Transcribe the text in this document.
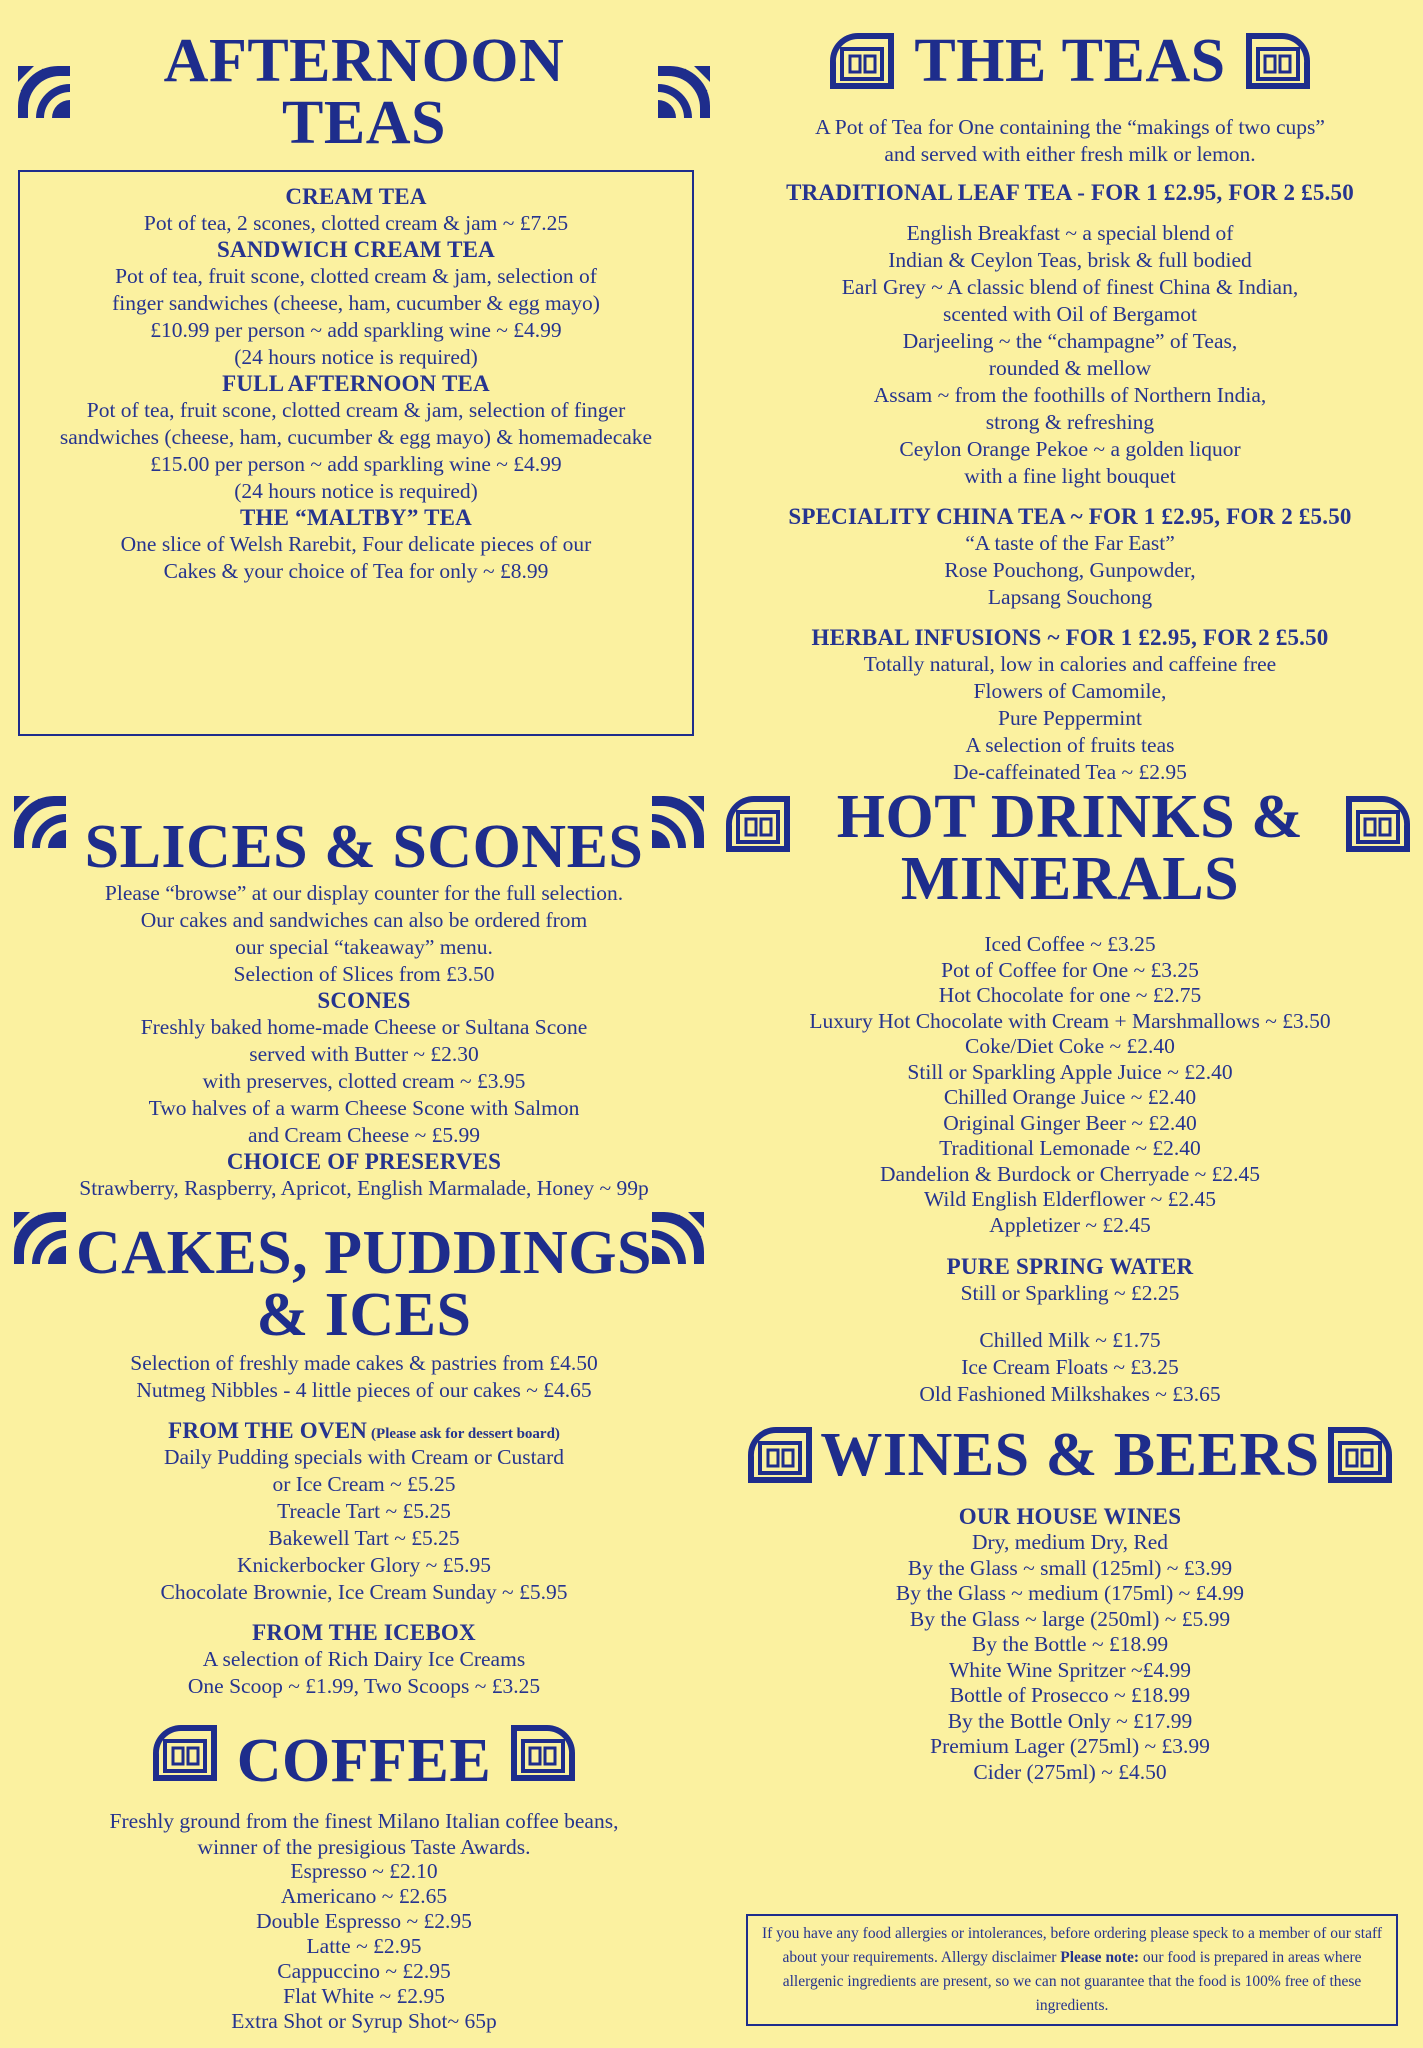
AFTERNOON TEAS
CREAM TEA
Pot of tea, 2 scones, clotted cream & jam ~ £7.25
SANDWICH CREAM TEA
Pot of tea, fruit scone, clotted cream & jam, selection of
finger sandwiches (cheese, ham, cucumber & egg mayo)
£10.99 per person ~ add sparkling wine ~ £4.99
(24 hours notice is required)
FULL AFTERNOON TEA
Pot of tea, fruit scone, clotted cream & jam, selection of finger
sandwiches (cheese, ham, cucumber & egg mayo) & homemadecake
£15.00 per person ~ add sparkling wine ~ £4.99
(24 hours notice is required)
THE “MALTBY” TEA
One slice of Welsh Rarebit, Four delicate pieces of our
Cakes & your choice of Tea for only ~ £8.99
SLICES & SCONES
Please “browse” at our display counter for the full selection.
Our cakes and sandwiches can also be ordered from
our special “takeaway” menu.
Selection of Slices from £3.50
SCONES
Freshly baked home-made Cheese or Sultana Scone
served with Butter ~ £2.30
with preserves, clotted cream ~ £3.95
Two halves of a warm Cheese Scone with Salmon
and Cream Cheese ~ £5.99
CHOICE OF PRESERVES
Strawberry, Raspberry, Apricot, English Marmalade, Honey ~ 99p
CAKES, PUDDINGS
& ICES
Selection of freshly made cakes & pastries from £4.50
Nutmeg Nibbles - 4 little pieces of our cakes ~ £4.65
FROM THE OVEN (Please ask for dessert board)
Daily Pudding specials with Cream or Custard
or Ice Cream ~ £5.25
Treacle Tart ~ £5.25
Bakewell Tart ~ £5.25
Knickerbocker Glory ~ £5.95
Chocolate Brownie, Ice Cream Sunday ~ £5.95
FROM THE ICEBOX
A selection of Rich Dairy Ice Creams
One Scoop ~ £1.99, Two Scoops ~ £3.25
COFFEE
Freshly ground from the finest Milano Italian coffee beans,
winner of the presigious Taste Awards.
Espresso ~ £2.10
Americano ~ £2.65
Double Espresso ~ £2.95
Latte ~ £2.95
Cappuccino ~ £2.95
Flat White ~ £2.95
Extra Shot or Syrup Shot~ 65p
THE TEAS
A Pot of Tea for One containing the “makings of two cups”
and served with either fresh milk or lemon.
TRADITIONAL LEAF TEA - FOR 1 £2.95, FOR 2 £5.50
English Breakfast ~ a special blend of
Indian & Ceylon Teas, brisk & full bodied
Earl Grey ~ A classic blend of finest China & Indian,
scented with Oil of Bergamot
Darjeeling ~ the “champagne” of Teas,
rounded & mellow
Assam ~ from the foothills of Northern India,
strong & refreshing
Ceylon Orange Pekoe ~ a golden liquor
with a fine light bouquet
SPECIALITY CHINA TEA ~ FOR 1 £2.95, FOR 2 £5.50
“A taste of the Far East”
Rose Pouchong, Gunpowder,
Lapsang Souchong
HERBAL INFUSIONS ~ FOR 1 £2.95, FOR 2 £5.50
Totally natural, low in calories and caffeine free
Flowers of Camomile,
Pure Peppermint
A selection of fruits teas
De-caffeinated Tea ~ £2.95
HOT DRINKS &
MINERALS
Iced Coffee ~ £3.25
Pot of Coffee for One ~ £3.25
Hot Chocolate for one ~ £2.75
Luxury Hot Chocolate with Cream + Marshmallows ~ £3.50
Coke/Diet Coke ~ £2.40
Still or Sparkling Apple Juice ~ £2.40
Chilled Orange Juice ~ £2.40
Original Ginger Beer ~ £2.40
Traditional Lemonade ~ £2.40
Dandelion & Burdock or Cherryade ~ £2.45
Wild English Elderflower ~ £2.45
Appletizer ~ £2.45
PURE SPRING WATER
Still or Sparkling ~ £2.25
Chilled Milk ~ £1.75
Ice Cream Floats ~ £3.25
Old Fashioned Milkshakes ~ £3.65
WINES & BEERS
OUR HOUSE WINES
Dry, medium Dry, Red
By the Glass ~ small (125ml) ~ £3.99
By the Glass ~ medium (175ml) ~ £4.99
By the Glass ~ large (250ml) ~ £5.99
By the Bottle ~ £18.99
White Wine Spritzer ~£4.99
Bottle of Prosecco ~ £18.99
By the Bottle Only ~ £17.99
Premium Lager (275ml) ~ £3.99
Cider (275ml) ~ £4.50
If you have any food allergies or intolerances, before ordering please speck to a member of our staff about your requirements. Allergy disclaimer Please note: our food is prepared in areas where allergenic ingredients are present, so we can not guarantee that the food is 100% free of these ingredients.
